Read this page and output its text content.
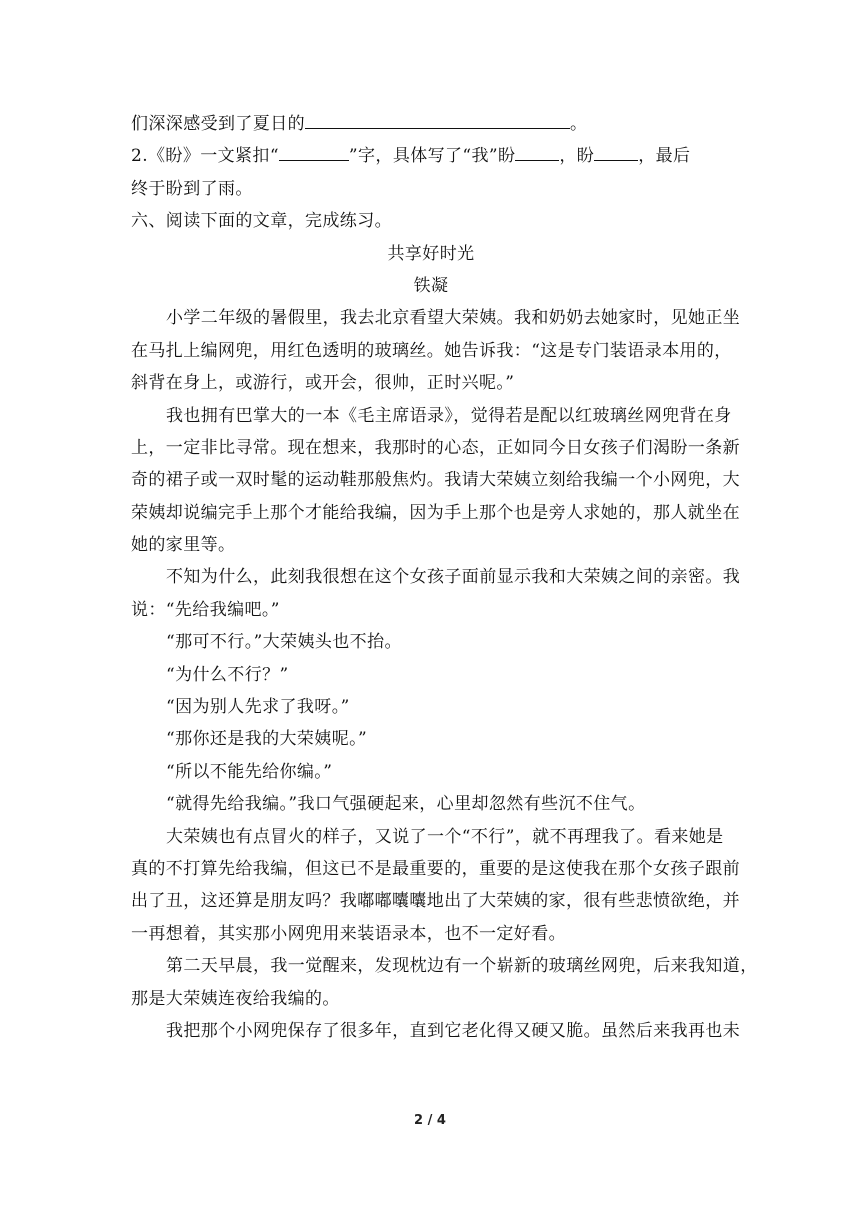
们深深感受到了夏日的	。
2.《盼》一文紧扣“	”字，具体写了“我”盼	，盼	，最后
终于盼到了雨。
六、阅读下面的文章，完成练习。
共享好时光
铁凝
小学二年级的暑假里，我去北京看望大荣姨。我和奶奶去她家时，见她正坐
在马扎上编网兜，用红色透明的玻璃丝。她告诉我：“这是专门装语录本用的，
斜背在身上，或游行，或开会，很帅，正时兴呢。”
我也拥有巴掌大的一本《毛主席语录》，觉得若是配以红玻璃丝网兜背在身
上，一定非比寻常。现在想来，我那时的心态，正如同今日女孩子们渴盼一条新
奇的裙子或一双时髦的运动鞋那般焦灼。我请大荣姨立刻给我编一个小网兜，大
荣姨却说编完手上那个才能给我编，因为手上那个也是旁人求她的，那人就坐在
她的家里等。
不知为什么，此刻我很想在这个女孩子面前显示我和大荣姨之间的亲密。我
说：“先给我编吧。”
“那可不行。”大荣姨头也不抬。
“为什么不行？”
“因为别人先求了我呀。”
“那你还是我的大荣姨呢。”
“所以不能先给你编。”
“就得先给我编。”我口气强硬起来，心里却忽然有些沉不住气。
大荣姨也有点冒火的样子，又说了一个“不行”，就不再理我了。看来她是
真的不打算先给我编，但这已不是最重要的，重要的是这使我在那个女孩子跟前
出了丑，这还算是朋友吗？我嘟嘟囔囔地出了大荣姨的家，很有些悲愤欲绝，并
一再想着，其实那小网兜用来装语录本，也不一定好看。
第二天早晨，我一觉醒来，发现枕边有一个崭新的玻璃丝网兜，后来我知道，
那是大荣姨连夜给我编的。
我把那个小网兜保存了很多年，直到它老化得又硬又脆。虽然后来我再也未
2 / 4
